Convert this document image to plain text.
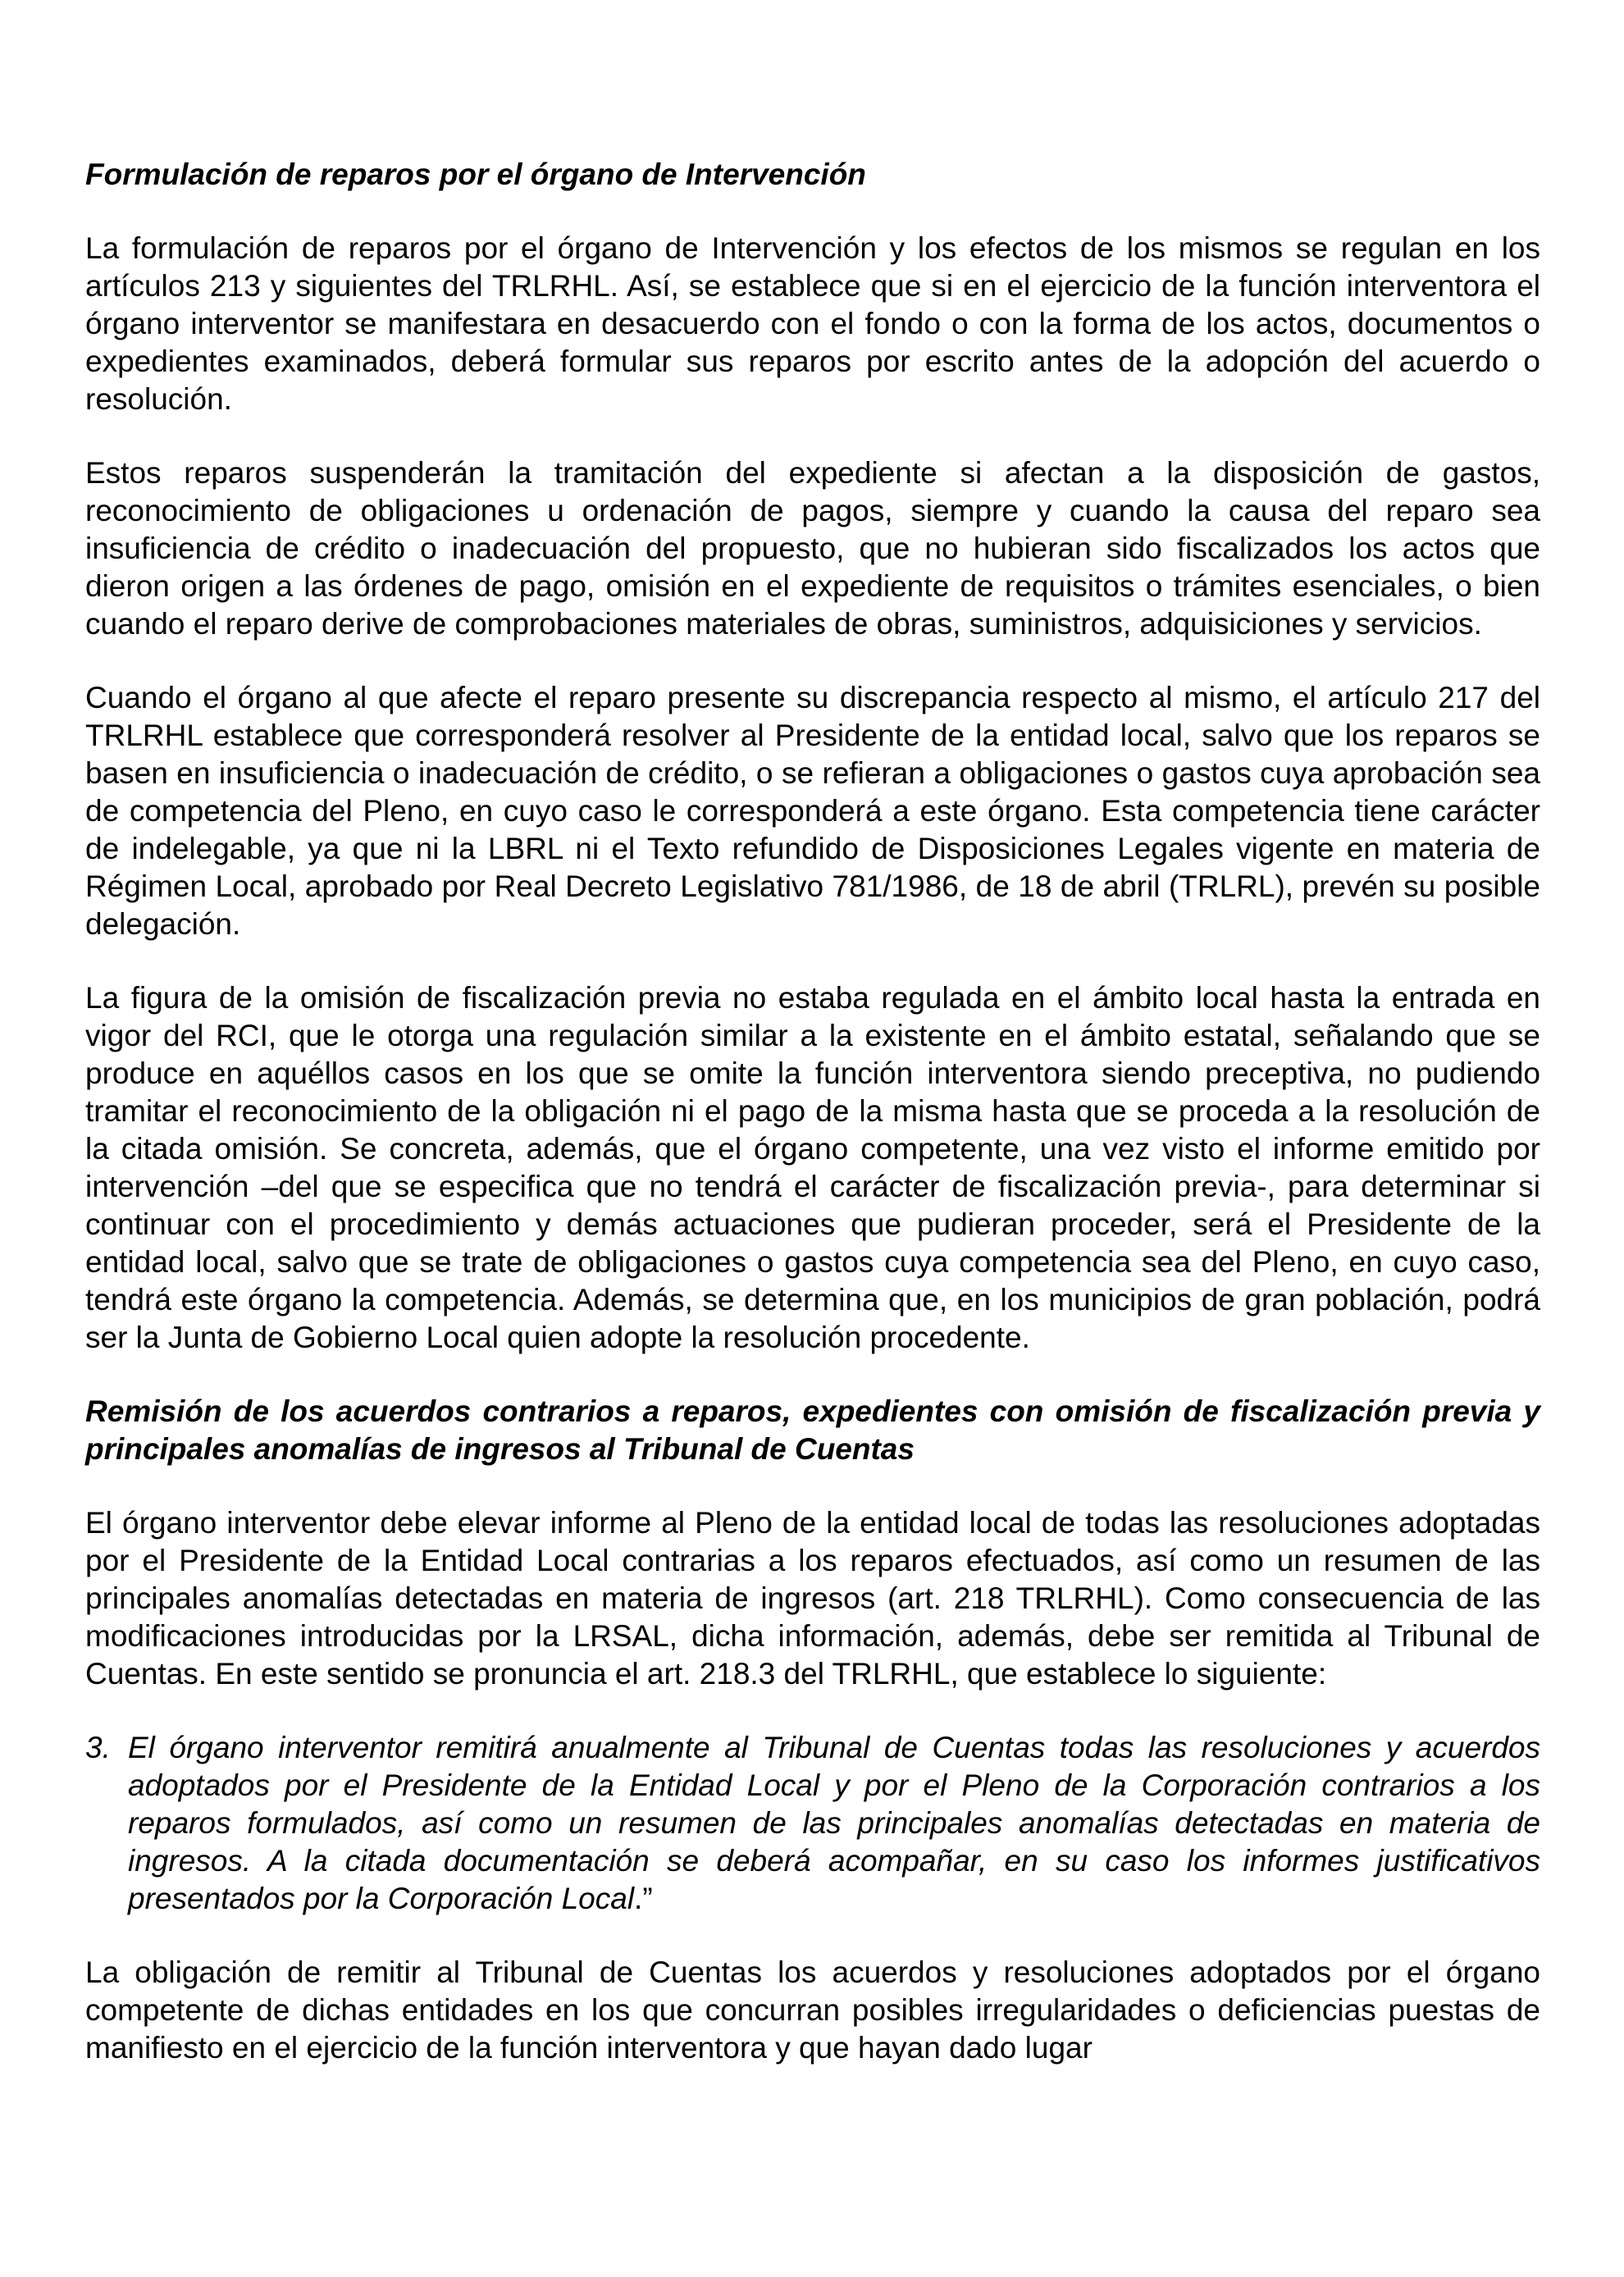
Formulación de reparos por el órgano de Intervención
La formulación de reparos por el órgano de Intervención y los efectos de los mismos se regulan en los artículos 213 y siguientes del TRLRHL. Así, se establece que si en el ejercicio de la función interventora el órgano interventor se manifestara en desacuerdo con el fondo o con la forma de los actos, documentos o expedientes examinados, deberá formular sus reparos por escrito antes de la adopción del acuerdo o resolución.
Estos reparos suspenderán la tramitación del expediente si afectan a la disposición de gastos, reconocimiento de obligaciones u ordenación de pagos, siempre y cuando la causa del reparo sea insuficiencia de crédito o inadecuación del propuesto, que no hubieran sido fiscalizados los actos que dieron origen a las órdenes de pago, omisión en el expediente de requisitos o trámites esenciales, o bien cuando el reparo derive de comprobaciones materiales de obras, suministros, adquisiciones y servicios.
Cuando el órgano al que afecte el reparo presente su discrepancia respecto al mismo, el artículo 217 del TRLRHL establece que corresponderá resolver al Presidente de la entidad local, salvo que los reparos se basen en insuficiencia o inadecuación de crédito, o se refieran a obligaciones o gastos cuya aprobación sea de competencia del Pleno, en cuyo caso le corresponderá a este órgano. Esta competencia tiene carácter de indelegable, ya que ni la LBRL ni el Texto refundido de Disposiciones Legales vigente en materia de Régimen Local, aprobado por Real Decreto Legislativo 781/1986, de 18 de abril (TRLRL), prevén su posible delegación.
La figura de la omisión de fiscalización previa no estaba regulada en el ámbito local hasta la entrada en vigor del RCI, que le otorga una regulación similar a la existente en el ámbito estatal, señalando que se produce en aquéllos casos en los que se omite la función interventora siendo preceptiva, no pudiendo tramitar el reconocimiento de la obligación ni el pago de la misma hasta que se proceda a la resolución de la citada omisión. Se concreta, además, que el órgano competente, una vez visto el informe emitido por intervención –del que se especifica que no tendrá el carácter de fiscalización previa-, para determinar si continuar con el procedimiento y demás actuaciones que pudieran proceder, será el Presidente de la entidad local, salvo que se trate de obligaciones o gastos cuya competencia sea del Pleno, en cuyo caso, tendrá este órgano la competencia. Además, se determina que, en los municipios de gran población, podrá ser la Junta de Gobierno Local quien adopte la resolución procedente.
Remisión de los acuerdos contrarios a reparos, expedientes con omisión de fiscalización previa y principales anomalías de ingresos al Tribunal de Cuentas
El órgano interventor debe elevar informe al Pleno de la entidad local de todas las resoluciones adoptadas por el Presidente de la Entidad Local contrarias a los reparos efectuados, así como un resumen de las principales anomalías detectadas en materia de ingresos (art. 218 TRLRHL). Como consecuencia de las modificaciones introducidas por la LRSAL, dicha información, además, debe ser remitida al Tribunal de Cuentas. En este sentido se pronuncia el art. 218.3 del TRLRHL, que establece lo siguiente:
3. El órgano interventor remitirá anualmente al Tribunal de Cuentas todas las resoluciones y acuerdos adoptados por el Presidente de la Entidad Local y por el Pleno de la Corporación contrarios a los reparos formulados, así como un resumen de las principales anomalías detectadas en materia de ingresos. A la citada documentación se deberá acompañar, en su caso los informes justificativos presentados por la Corporación Local.”
La obligación de remitir al Tribunal de Cuentas los acuerdos y resoluciones adoptados por el órgano competente de dichas entidades en los que concurran posibles irregularidades o deficiencias puestas de manifiesto en el ejercicio de la función interventora y que hayan dado lugar
